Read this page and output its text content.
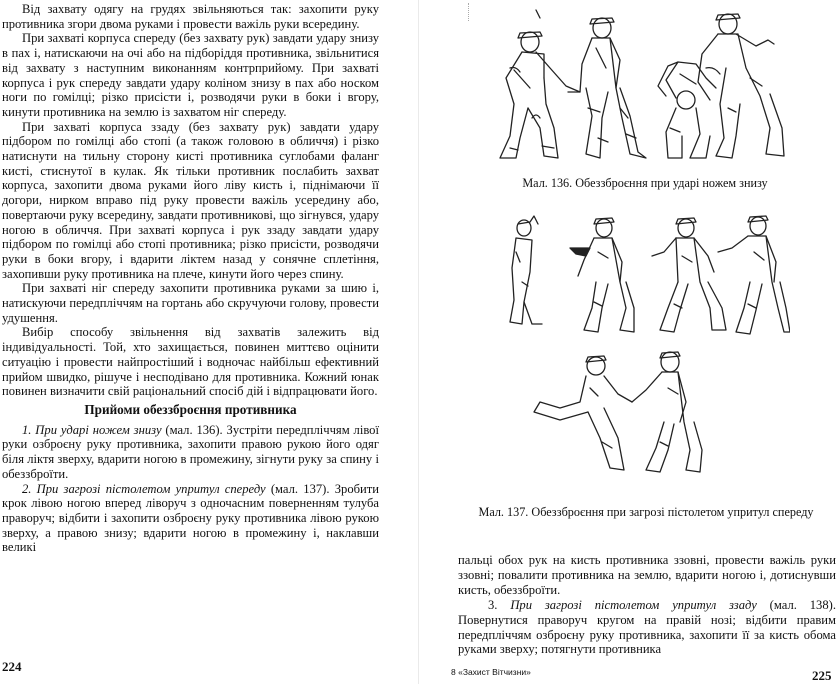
Від захвату одягу на грудях звільняються так: захопити руку противника згори двома руками і провести важіль руки всередину.

При захваті корпуса спереду (без захвату рук) завдати удару знизу в пах і, натискаючи на очі або на підборіддя противника, звільнитися від захвату з наступним виконанням контрприйому. При захваті корпуса і рук спереду завдати удару коліном знизу в пах або носком ноги по гомілці; різко присісти і, розводячи руки в боки і вгору, кинути противника на землю із захватом ніг спереду.

При захваті корпуса ззаду (без захвату рук) завдати удару підбором по гомілці або стопі (а також головою в обличчя) і різко натиснути на тильну сторону кисті противника суглобами фаланг кисті, стиснутої в кулак. Як тільки противник послабить захват корпуса, захопити двома руками його ліву кисть і, піднімаючи її догори, нирком вправо під руку провести важіль усередину або, повертаючи руку всередину, завдати противникові, що зігнувся, удару ногою в обличчя. При захваті корпуса і рук ззаду завдати удару підбором по гомілці або стопі противника; різко присісти, розводячи руки в боки вгору, і вдарити ліктем назад у сонячне сплетіння, захопивши руку противника на плече, кинути його через спину.

При захваті ніг спереду захопити противника руками за шию і, натискуючи передпліччям на гортань або скручуючи голову, провести удушення.

Вибір способу звільнення від захватів залежить від індивідуальності. Той, хто захищається, повинен миттєво оцінити ситуацію і провести найпростіший і водночас найбільш ефективний прийом швидко, рішуче і несподівано для противника. Кожний юнак повинен визначити свій раціональний спосіб дій і відпрацювати його.

Прийоми обеззброєння противника

1. При ударі ножем знизу (мал. 136). Зустріти передпліччям лівої руки озброєну руку противника, захопити правою рукою його одяг біля ліктя зверху, вдарити ногою в промежину, зігнути руку за спину і обеззброїти.

2. При загрозі пістолетом упритул спереду (мал. 137). Зробити крок лівою ногою вперед ліворуч з одночасним поверненням тулуба праворуч; відбити і захопити озброєну руку противника лівою рукою зверху, а правою знизу; вдарити ногою в промежину і, наклавши великі

224
Мал. 136. Обеззброєння при ударі ножем знизу
Мал. 137. Обеззброєння при загрозі пістолетом упритул спереду

пальці обох рук на кисть противника ззовні, провести важіль руки ззовні; повалити противника на землю, вдарити ногою і, дотиснувши кисть, обеззброїти.

3. При загрозі пістолетом упритул ззаду (мал. 138). Повернутися праворуч кругом на правій нозі; відбити правим передпліччям озброєну руку противника, захопити її за кисть обома руками зверху; потягнути противника

8 «Захист Вітчизни»	225
